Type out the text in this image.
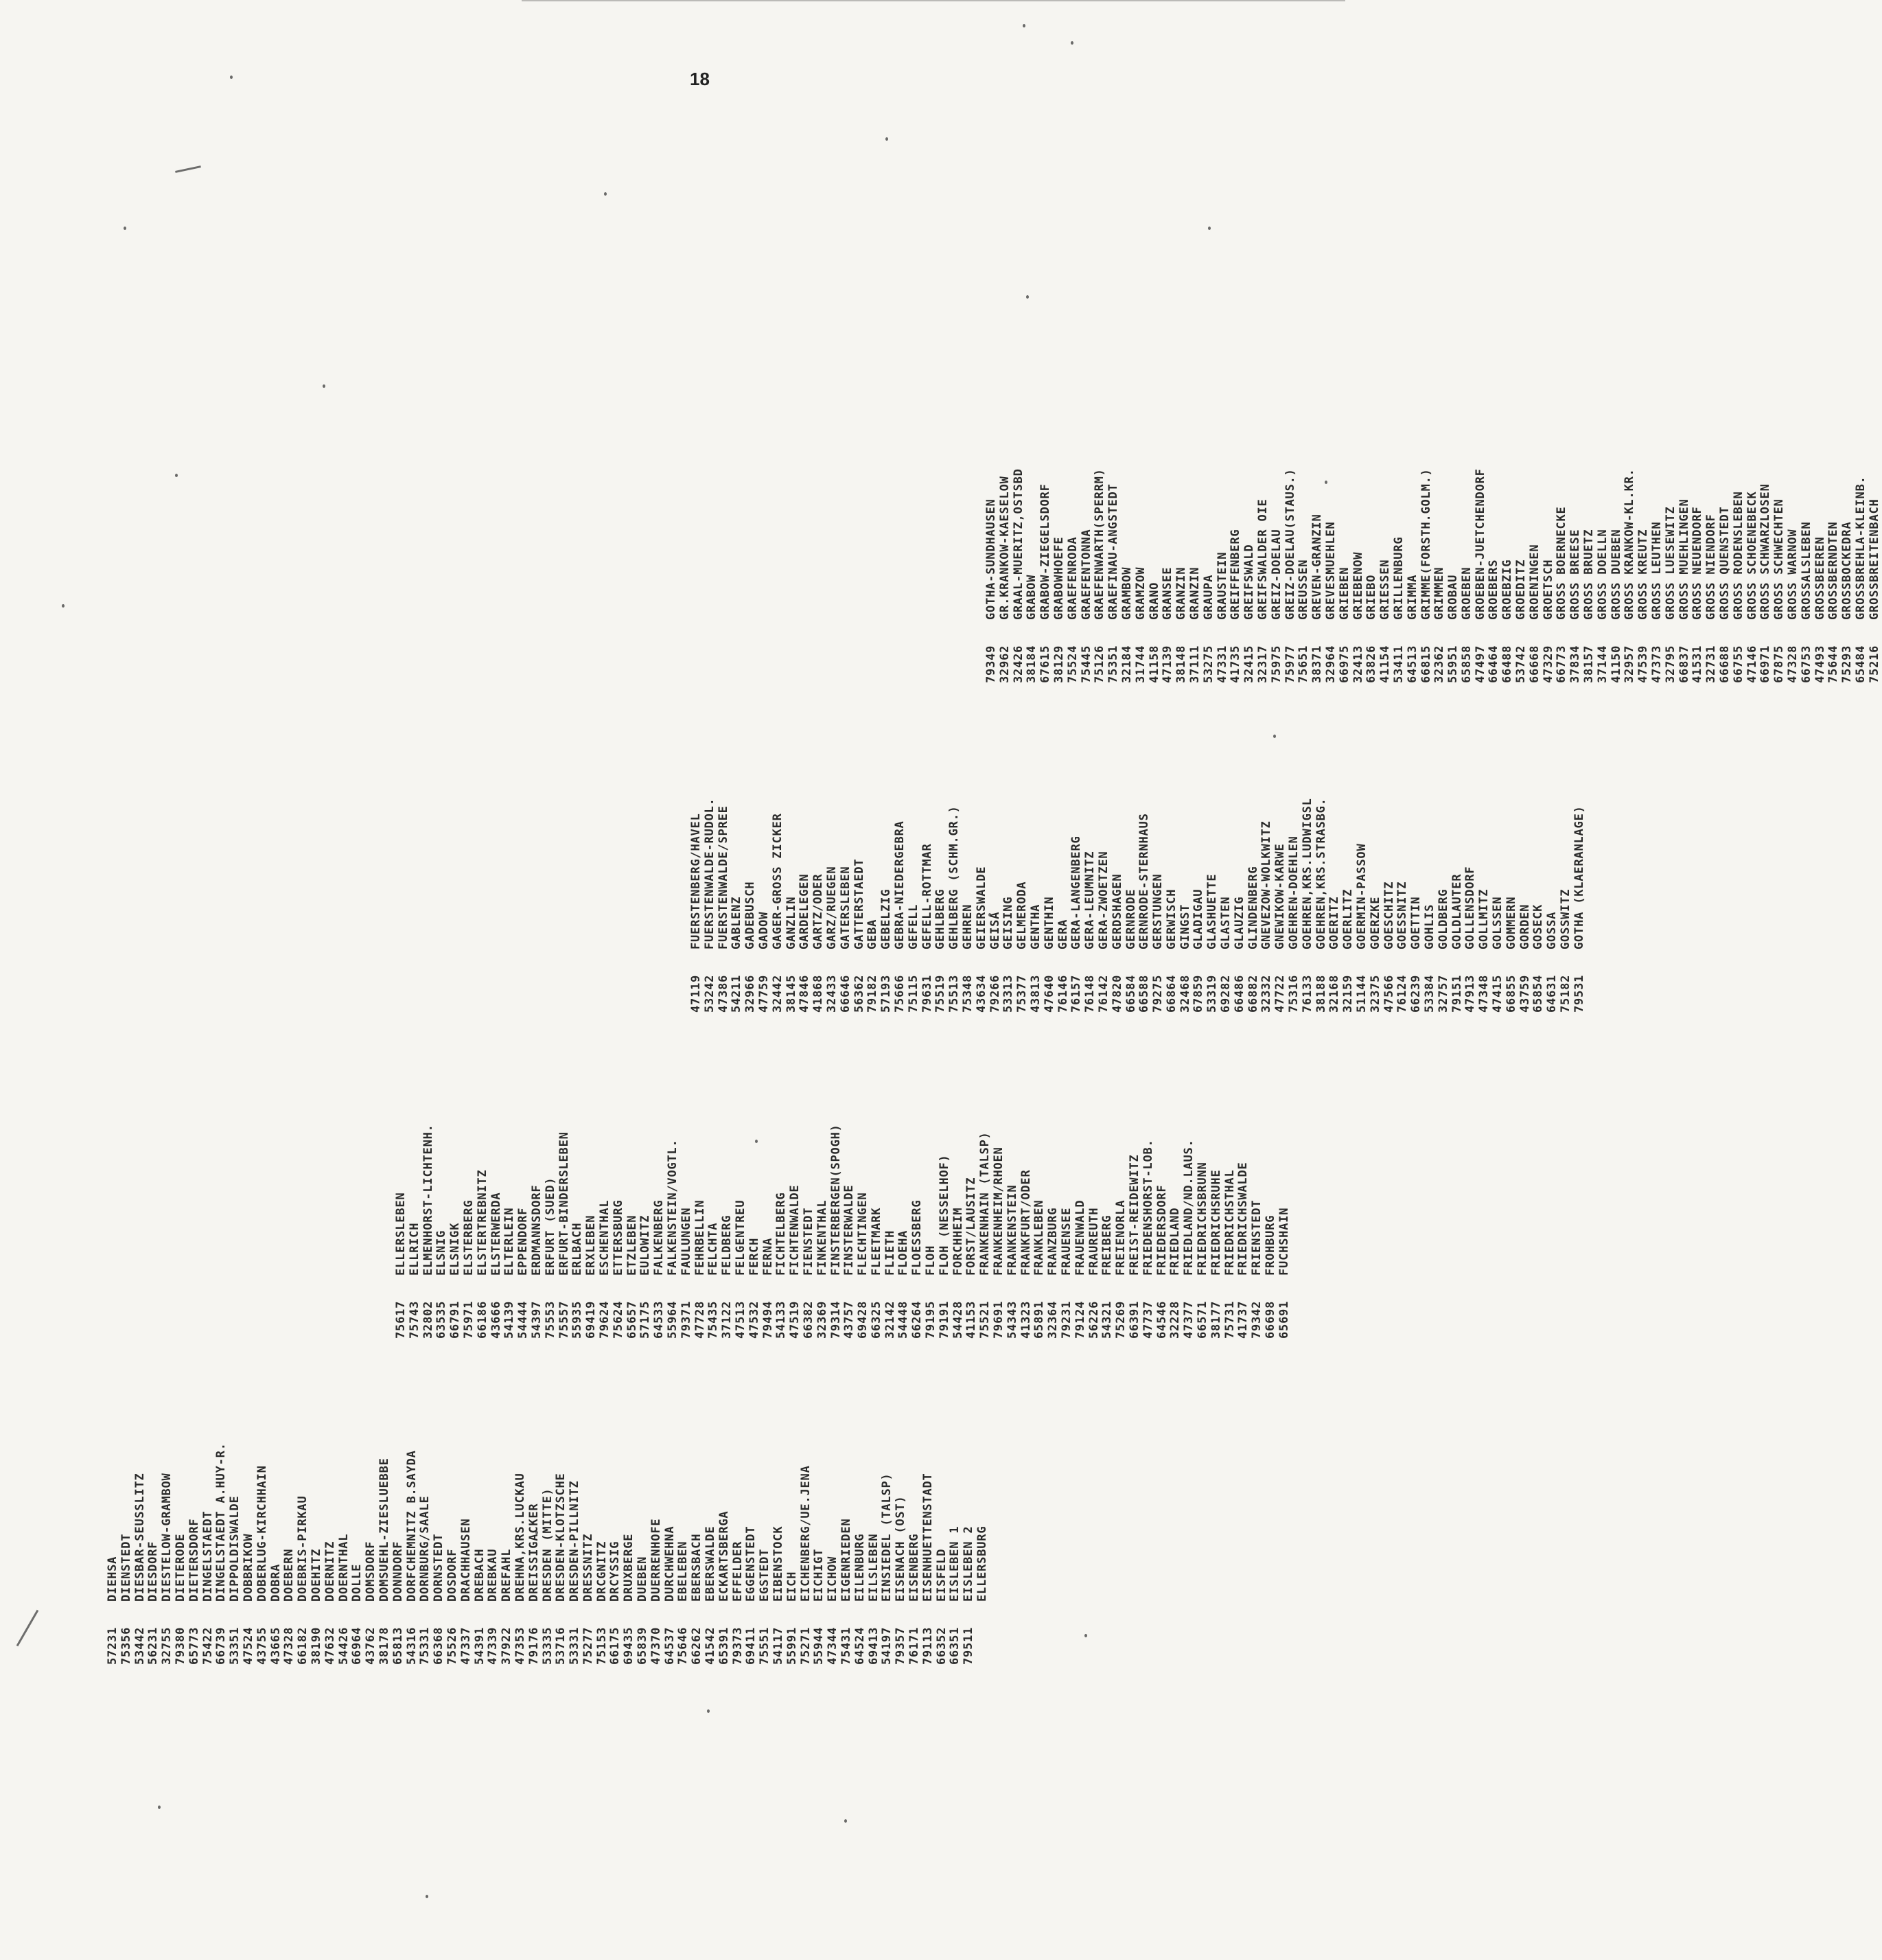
18
57231
DIEHSA
75356
DIENSTEDT
53442
DIESBAR-SEUSSLITZ
56231
DIESDORF
32755
DIESTELOW-GRAMBOW
79380
DIETERODE
65773
DIETERSDORF
75422
DINGELSTAEDT
66739
DINGELSTAEDT A.HUY-R.
53351
DIPPOLDISWALDE
47524
DOBBRIKOW
43755
DOBERLUG-KIRCHHAIN
43665
DOBRA
47328
DOEBERN
66182
DOEBRIS-PIRKAU
38190
DOEHITZ
47632
DOERNITZ
54426
DOERNTHAL
66964
DOLLE
43762
DOMSDORF
38178
DOMSUEHL-ZIESLUEBBE
65813
DONNDORF
54316
DORFCHEMNITZ B.SAYDA
75331
DORNBURG/SAALE
66368
DORNSTEDT
75526
DOSDORF
47337
DRACHHAUSEN
54391
DREBACH
47339
DREBKAU
37922
DREFAHL
47353
DREHNA,KRS.LUCKAU
79176
DREISSIGACKER
53335
DRESDEN (MITTE)
53716
DRESDEN-KLOTZSCHE
53331
DRESDEN-PILLNITZ
75277
DRESSNITZ
75153
DRCGNITZ
66175
DRCYSSIG
69435
DRUXBERGE
65839
DUEBEN
47370
DUERRENHOFE
64537
DURCHWEHNA
75646
EBELEBEN
66262
EBERSBACH
41542
EBERSWALDE
65391
ECKARTSBERGA
79373
EFFELDER
69411
EGGENSTEDT
75551
EGSTEDT
54117
EIBENSTOCK
55991
EICH
75271
EICHENBERG/UE.JENA
55944
EICHIGT
47344
EICHOW
75431
EIGENRIEDEN
64524
EILENBURG
69413
EILSLEBEN
54197
EINSIEDEL (TALSP)
79357
EISENACH (OST)
76171
EISENBERG
79113
EISENHUETTENSTADT
66352
EISFELD
66351
EISLEBEN 1
79511
EISLEBEN 2 ELLERSBURG
75617
ELLERSLEBEN
75743
ELLRICH
32802
ELMENHORST-LICHTENH.
63535
ELSNIG
66791
ELSNIGK
75971
ELSTERBERG
66186
ELSTERTREBNITZ
43666
ELSTERWERDA
54139
ELTERLEIN
54444
EPPENDORF
54397
ERDMANNSDORF
75553
ERFURT (SUED)
75557
ERFURT-BINDERSLEBEN
55935
ERLBACH
69419
ERXLEBEN
79624
ESCHENTHAL
75624
ETTERSBURG
65657
ETZLEBEN
57175
EULOWITZ
64533
FALKENBERG
55964
FALKENSTEIN/VOGTL.
79371
FAULUNGEN
47728
FEHRBELLIN
75435
FELCHTA
37122
FELDBERG
47513
FELGENTREU
47532
FERCH
79494
FERNA
54133
FICHTELBERG
47519
FICHTENWALDE
66382
FIENSTEDT
32369
FINKENTHAL
79314
FINSTERBERGEN(SPOGH)
43757
FINSTERWALDE
69428
FLECHTINGEN
66325
FLEETMARK
32142
FLIETH
54448
FLOEHA
66264
FLOESSBERG
79195
FLOH
79191
FLOH (NESSELHOF)
54428
FORCHHEIM
41153
FORST/LAUSITZ
75521
FRANKENHAIN (TALSP)
79691
FRANKENHEIM/RHOEN
54343
FRANKENSTEIN
41323
FRANKFURT/ODER
65891
FRANKLEBEN
32364
FRANZBURG
79231
FRAUENSEE
79124
FRAUENWALD
56226
FRAUREUTH
54321
FREIBERG
75269
FREIENORLA
66391
FREIST-REIDEWITZ
47737
FRIEDENSHORST-LOB.
64546
FRIEDERSDORF
32228
FRIEDLAND
47377
FRIEDLAND/ND.LAUS.
66571
FRIEDRICHSBRUNN
38177
FRIEDRICHSRUHE
75731
FRIEDRICHSTHAL
41737
FRIEDRICHSWALDE
79342
FRIENSTEDT
66698
FROHBURG
65691
FUCHSHAIN
47119
FUERSTENBERG/HAVEL
53242
FUERSTENWALDE-RUDOL.
47386
FUERSTENWALDE/SPREE
54211
GABLENZ
32966
GADEBUSCH
47759
GADOW
32442
GAGER-GROSS ZICKER
38145
GANZLIN
47846
GARDELEGEN
41868
GARTZ/ODER
32433
GARZ/RUEGEN
66646
GATERSLEBEN
56362
GATTERSTAEDT
79182
GEBA
57193
GEBELZIG
75666
GEBRA-NIEDERGEBRA
75115
GEFELL
79631
GEFELL-ROTTMAR
75519
GEHLBERG
75513
GEHLBERG (SCHM.GR.)
75348
GEHREN
43634
GEIERSWALDE
79266
GEISA
53313
GEISING
75377
GELMERODA
43813
GENTHA
47640
GENTHIN
76146
GERA
76157
GERA-LANGENBERG
76148
GERA-LEUMNITZ
76142
GERA-ZWOETZEN
47820
GERDSHAGEN
66584
GERNRODE
66588
GERNRODE-STERNHAUS
79275
GERSTUNGEN
66864
GERWISCH
32468
GINGST
67859
GLADIGAU
53319
GLASHUETTE
69282
GLASTEN
66486
GLAUZIG
66882
GLINDENBERG
32332
GNEVEZOW-WOLKWITZ
47722
GNEWIKOW-KARWE
75316
GOEHREN-DOEHLEN
76133
GOEHREN,KRS.LUDWIGSL
38188
GOEHREN,KRS.STRASBG.
32168
GOERITZ
32159
GOERLITZ
51144
GOERMIN-PASSOW
32375
GOERZKE
47566
GOESCHITZ
76124
GOESSNITZ
66239
GOETTIN
53384
GOHLIS
32757
GOLDBERG
79151
GOLDLAUTER
47913
GOLLENSDORF
47348
GOLLMITZ
47415
GOLSSEN
66855
GOMMERN
43759
GORDEN
65854
GOSECK
64631
GOSSA
75182
GOSSWITZ
79531
GOTHA (KLAERANLAGE)
79349
GOTHA-SUNDHAUSEN
32962
GR.KRANKOW-KAESELOW
32426
GRAAL-MUERITZ,OSTSBD
38184
GRABOW
67615
GRABOW-ZIEGELSDORF
38129
GRABOWHOEFE
75524
GRAEFENRODA
75445
GRAEFENTONNA
75126
GRAEFENWARTH(SPERRM)
75351
GRAEFINAU-ANGSTEDT
32184
GRAMBOW
31744
GRAMZOW
41158
GRANO
47139
GRANSEE
38148
GRANZIN
37111
GRANZIN
53275
GRAUPA
47331
GRAUSTEIN
41735
GREIFFENBERG
32415
GREIFSWALD
32317
GREIFSWALDER OIE
75975
GREIZ-DOELAU
75977
GREIZ-DOELAU(STAUS.)
75651
GREUSSEN
38371
GREVEN-GRANZIN
32964
GREVESMUEHLEN
66975
GRIEBEN
32413
GRIEBENOW
63826
GRIEBO
41154
GRIESSEN
53411
GRILLENBURG
64513
GRIMMA
66815
GRIMME(FORSTH.GOLM.)
32362
GRIMMEN
55951
GROBAU
65858
GROEBEN
47497
GROEBEN-JUETCHENDORF
66464
GROEBERS
66488
GROEBZIG
53742
GROEDITZ
66668
GROENINGEN
47329
GROETSCH
66773
GROSS BOERNECKE
37834
GROSS BREESE
38157
GROSS BRUETZ
37144
GROSS DOELLN
41150
GROSS DUEBEN
32957
GROSS KRANKOW-KL.KR.
47539
GROSS KREUTZ
47373
GROSS LEUTHEN
32795
GROSS LUESEWITZ
66837
GROSS MUEHLINGEN
41531
GROSS NEUENDORF
32731
GROSS NIENDORF
66688
GROSS QUENSTEDT
66755
GROSS RODENSLEBEN
47146
GROSS SCHOENEBECK
66971
GROSS SCHWARZLOSEN
67875
GROSS SCHWECHTEN
47328
GROSS WARNOW
66753
GROSSALSLEBEN
47493
GROSSBEEREN
75644
GROSSBERNDTEN
75293
GROSSBOCKEDRA
65484
GROSSBREHLA-KLEINB.
75216
GROSSBREITENBACH
